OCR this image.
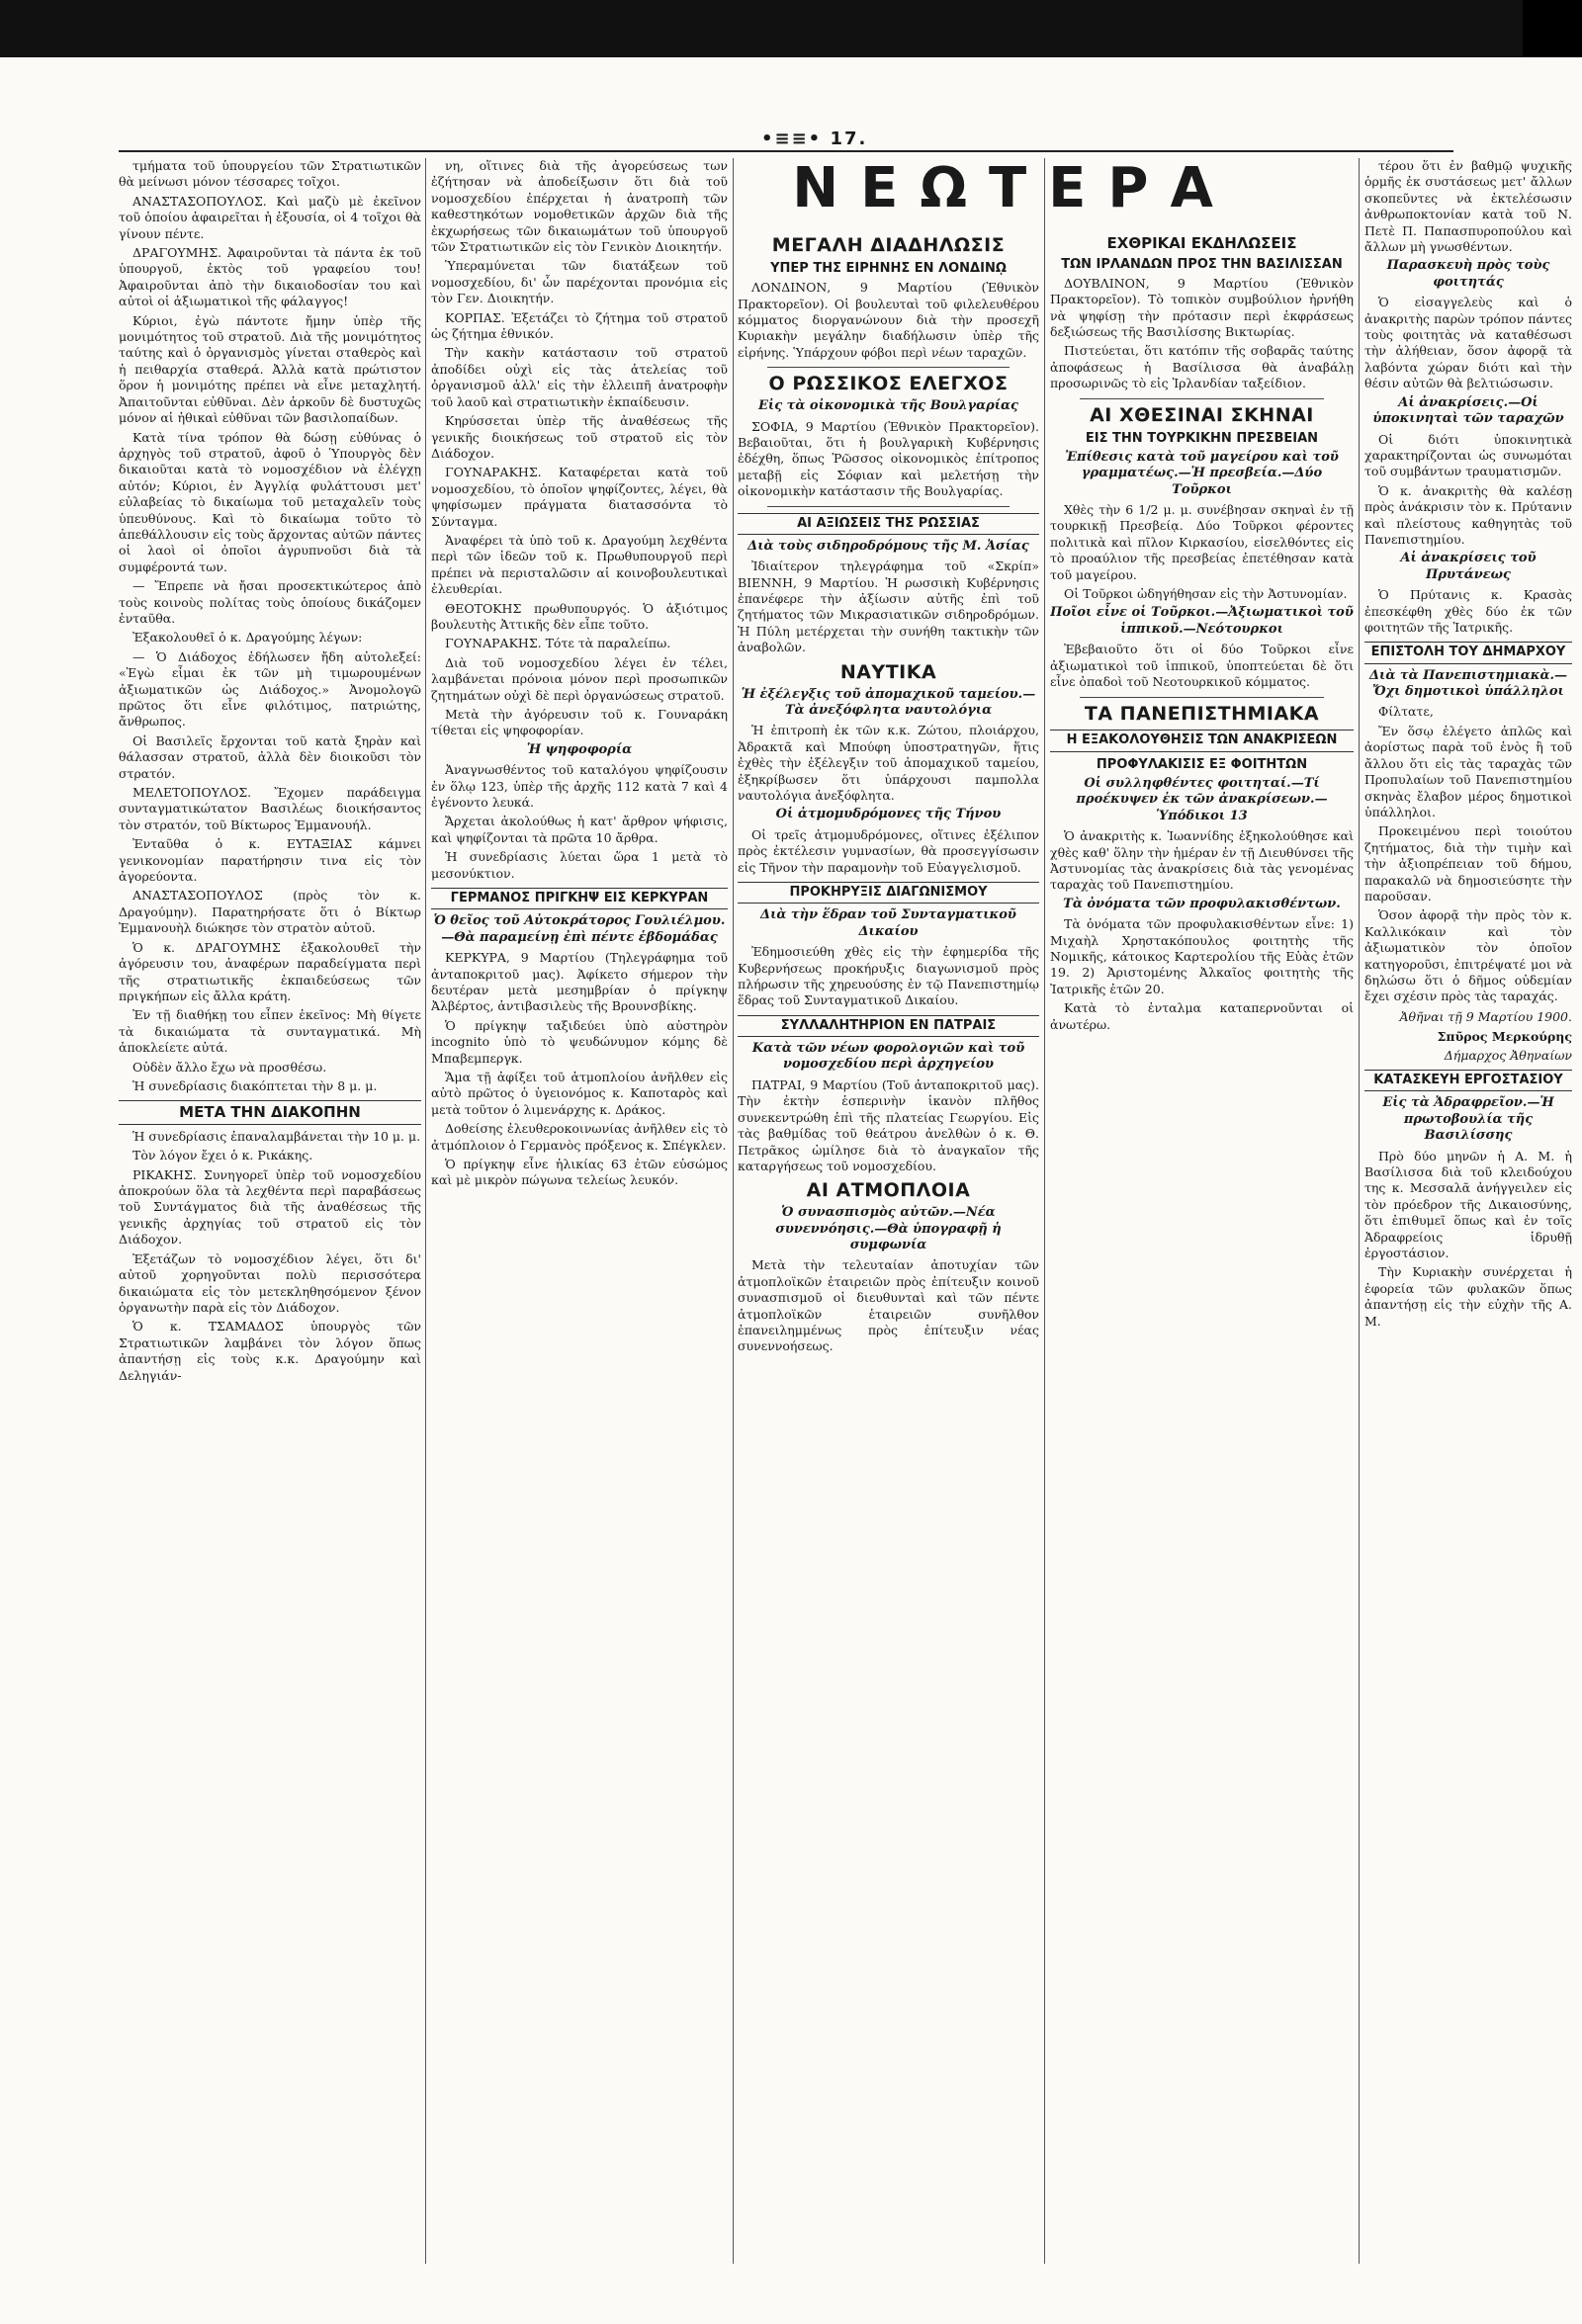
•≡≡• 17.

τμήματα τοῦ ὑπουργείου τῶν Στρατιωτικῶν θὰ μείνωσι μόνον τέσσαρες τοῖχοι.

ΑΝΑΣΤΑΣΟΠΟΥΛΟΣ. Καὶ μαζὺ μὲ ἐκεῖνον τοῦ ὁποίου ἀφαιρεῖται ἡ ἐξουσία, οἱ 4 τοῖχοι θὰ γίνουν πέντε.

ΔΡΑΓΟΥΜΗΣ. Ἀφαιροῦνται τὰ πάντα ἐκ τοῦ ὑπουργοῦ, ἐκτὸς τοῦ γραφείου του! Ἀφαιροῦνται ἀπὸ τὴν δικαιοδοσίαν του καὶ αὐτοὶ οἱ ἀξιωματικοὶ τῆς φάλαγγος!

Κύριοι, ἐγὼ πάντοτε ἤμην ὑπὲρ τῆς μονιμότητος τοῦ στρατοῦ. Διὰ τῆς μονιμότητος ταύτης καὶ ὁ ὀργανισμὸς γίνεται σταθερὸς καὶ ἡ πειθαρχία σταθερά. Ἀλλὰ κατὰ πρώτιστον ὅρον ἡ μονιμότης πρέπει νὰ εἶνε μεταχλητή. Ἀπαιτοῦνται εὐθῦναι. Δὲν ἀρκοῦν δὲ δυστυχῶς μόνον αἱ ἠθικαὶ εὐθῦναι τῶν βασιλοπαίδων.

Κατὰ τίνα τρόπον θὰ δώσῃ εὐθύνας ὁ ἀρχηγὸς τοῦ στρατοῦ, ἀφοῦ ὁ Ὑπουργὸς δὲν δικαιοῦται κατὰ τὸ νομοσχέδιον νὰ ἐλέγχῃ αὐτόν; Κύριοι, ἐν Ἀγγλίᾳ φυλάττουσι μετ' εὐλαβείας τὸ δικαίωμα τοῦ μεταχαλεῖν τοὺς ὑπευθύνους. Καὶ τὸ δικαίωμα τοῦτο τὸ ἀπεθάλλουσιν εἰς τοὺς ἄρχοντας αὐτῶν πάντες οἱ λαοὶ οἱ ὁποῖοι ἀγρυπνοῦσι διὰ τὰ συμφέροντά των.

— Ἔπρεπε νὰ ἤσαι προσεκτικώτερος ἀπὸ τοὺς κοινοὺς πολίτας τοὺς ὁποίους δικάζομεν ἐνταῦθα.

Ἐξακολουθεῖ ὁ κ. Δραγούμης λέγων:

— Ὁ Διάδοχος ἐδήλωσεν ἤδη αὐτολεξεί: «Ἐγὼ εἶμαι ἐκ τῶν μὴ τιμωρουμένων ἀξιωματικῶν ὡς Διάδοχος.» Ἀνομολογῶ πρῶτος ὅτι εἶνε φιλότιμος, πατριώτης, ἄνθρωπος.

Οἱ Βασιλεῖς ἔρχονται τοῦ κατὰ ξηρὰν καὶ θάλασσαν στρατοῦ, ἀλλὰ δὲν διοικοῦσι τὸν στρατόν.

ΜΕΛΕΤΟΠΟΥΛΟΣ. Ἔχομεν παράδειγμα συνταγματικώτατον Βασιλέως διοικήσαντος τὸν στρατόν, τοῦ Βίκτωρος Ἐμμανουήλ.

Ἐνταῦθα ὁ κ. ΕΥΤΑΞΙΑΣ κάμνει γενικονομίαν παρατήρησιν τινα εἰς τὸν ἀγορεύοντα.

ΑΝΑΣΤΑΣΟΠΟΥΛΟΣ (πρὸς τὸν κ. Δραγούμην). Παρατηρήσατε ὅτι ὁ Βίκτωρ Ἐμμανουὴλ διώκησε τὸν στρατὸν αὐτοῦ.

Ὁ κ. ΔΡΑΓΟΥΜΗΣ ἐξακολουθεῖ τὴν ἀγόρευσιν του, ἀναφέρων παραδείγματα περὶ τῆς στρατιωτικῆς ἐκπαιδεύσεως τῶν πριγκήπων εἰς ἄλλα κράτη.

Ἐν τῇ διαθήκῃ του εἶπεν ἐκεῖνος: Μὴ θίγετε τὰ δικαιώματα τὰ συνταγματικά. Μὴ ἀποκλείετε αὐτά.

Οὐδὲν ἄλλο ἔχω νὰ προσθέσω.

Ἡ συνεδρίασις διακόπτεται τὴν 8 μ. μ.

ΜΕΤΑ ΤΗΝ ΔΙΑΚΟΠΗΝ

Ἡ συνεδρίασις ἐπαναλαμβάνεται τὴν 10 μ. μ.

Τὸν λόγον ἔχει ὁ κ. Ρικάκης.

ΡΙΚΑΚΗΣ. Συνηγορεῖ ὑπὲρ τοῦ νομοσχεδίου ἀποκρούων ὅλα τὰ λεχθέντα περὶ παραβάσεως τοῦ Συντάγματος διὰ τῆς ἀναθέσεως τῆς γενικῆς ἀρχηγίας τοῦ στρατοῦ εἰς τὸν Διάδοχον.

Ἐξετάζων τὸ νομοσχέδιον λέγει, ὅτι δι' αὐτοῦ χορηγοῦνται πολὺ περισσότερα δικαιώματα εἰς τὸν μετεκληθησόμενον ξένον ὀργανωτὴν παρὰ εἰς τὸν Διάδοχον.

Ὁ κ. ΤΣΑΜΑΔΟΣ ὑπουργὸς τῶν Στρατιωτικῶν λαμβάνει τὸν λόγον ὅπως ἀπαντήσῃ εἰς τοὺς κ.κ. Δραγούμην καὶ Δεληγιάν-

νη, οἵτινες διὰ τῆς ἀγορεύσεως των ἐζήτησαν νὰ ἀποδείξωσιν ὅτι διὰ τοῦ νομοσχεδίου ἐπέρχεται ἡ ἀνατροπὴ τῶν καθεστηκότων νομοθετικῶν ἀρχῶν διὰ τῆς ἐκχωρήσεως τῶν δικαιωμάτων τοῦ ὑπουργοῦ τῶν Στρατιωτικῶν εἰς τὸν Γενικὸν Διοικητήν.

Ὑπεραμύνεται τῶν διατάξεων τοῦ νομοσχεδίου, δι' ὧν παρέχονται προνόμια εἰς τὸν Γεν. Διοικητήν.

ΚΟΡΠΑΣ. Ἐξετάζει τὸ ζήτημα τοῦ στρατοῦ ὡς ζήτημα ἐθνικόν.

Τὴν κακὴν κατάστασιν τοῦ στρατοῦ ἀποδίδει οὐχὶ εἰς τὰς ἀτελείας τοῦ ὀργανισμοῦ ἀλλ' εἰς τὴν ἐλλειπῆ ἀνατροφὴν τοῦ λαοῦ καὶ στρατιωτικὴν ἐκπαίδευσιν.

Κηρύσσεται ὑπὲρ τῆς ἀναθέσεως τῆς γενικῆς διοικήσεως τοῦ στρατοῦ εἰς τὸν Διάδοχον.

ΓΟΥΝΑΡΑΚΗΣ. Καταφέρεται κατὰ τοῦ νομοσχεδίου, τὸ ὁποῖον ψηφίζοντες, λέγει, θὰ ψηφίσωμεν πράγματα διατασσόντα τὸ Σύνταγμα.

Ἀναφέρει τὰ ὑπὸ τοῦ κ. Δραγούμη λεχθέντα περὶ τῶν ἰδεῶν τοῦ κ. Πρωθυπουργοῦ περὶ πρέπει νὰ περισταλῶσιν αἱ κοινοβουλευτικαὶ ἐλευθερίαι.

ΘΕΟΤΟΚΗΣ πρωθυπουργός. Ὁ ἀξιότιμος βουλευτὴς Ἀττικῆς δὲν εἶπε τοῦτο.

ΓΟΥΝΑΡΑΚΗΣ. Τότε τὰ παραλείπω.

Διὰ τοῦ νομοσχεδίου λέγει ἐν τέλει, λαμβάνεται πρόνοια μόνον περὶ προσωπικῶν ζητημάτων οὐχὶ δὲ περὶ ὀργανώσεως στρατοῦ.

Μετὰ τὴν ἀγόρευσιν τοῦ κ. Γουναράκη τίθεται εἰς ψηφοφορίαν.

Ἡ ψηφοφορία

Ἀναγνωσθέντος τοῦ καταλόγου ψηφίζουσιν ἐν ὅλῳ 123, ὑπὲρ τῆς ἀρχῆς 112 κατὰ 7 καὶ 4 ἐγένοντο λευκά.

Ἄρχεται ἀκολούθως ἡ κατ' ἄρθρον ψήφισις, καὶ ψηφίζονται τὰ πρῶτα 10 ἄρθρα.

Ἡ συνεδρίασις λύεται ὥρα 1 μετὰ τὸ μεσονύκτιον.

ΓΕΡΜΑΝΟΣ ΠΡΙΓΚΗΨ ΕΙΣ ΚΕΡΚΥΡΑΝ
Ὁ θεῖος τοῦ Αὐτοκράτορος Γουλιέλμου.—Θὰ παραμείνῃ ἐπὶ πέντε ἑβδομάδας

ΚΕΡΚΥΡΑ, 9 Μαρτίου (Τηλεγράφημα τοῦ ἀνταποκριτοῦ μας). Ἀφίκετο σήμερον τὴν δευτέραν μετὰ μεσημβρίαν ὁ πρίγκηψ Ἀλβέρτος, ἀντιβασιλεὺς τῆς Βρουνσβίκης.

Ὁ πρίγκηψ ταξιδεύει ὑπὸ αὐστηρὸν incognito ὑπὸ τὸ ψευδώνυμον κόμης δὲ Μπαβεμπεργκ.

Ἅμα τῇ ἀφίξει τοῦ ἀτμοπλοίου ἀνῆλθεν εἰς αὐτὸ πρῶτος ὁ ὑγειονόμος κ. Καποταρὸς καὶ μετὰ τοῦτον ὁ λιμενάρχης κ. Δράκος.

Δοθείσης ἐλευθεροκοινωνίας ἀνῆλθεν εἰς τὸ ἀτμόπλοιον ὁ Γερμανὸς πρόξενος κ. Σπέγκλεν.

Ὁ πρίγκηψ εἶνε ἡλικίας 63 ἐτῶν εὐσώμος καὶ μὲ μικρὸν πώγωνα τελείως λευκόν.

ΝΕΩΤΕΡΑ
ΜΕΓΑΛΗ ΔΙΑΔΗΛΩΣΙΣ
ΥΠΕΡ ΤΗΣ ΕΙΡΗΝΗΣ ΕΝ ΛΟΝΔΙΝῼ

ΛΟΝΔΙΝΟΝ, 9 Μαρτίου (Ἐθνικὸν Πρακτορεῖον). Οἱ βουλευταὶ τοῦ φιλελευθέρου κόμματος διοργανώνουν διὰ τὴν προσεχῆ Κυριακὴν μεγάλην διαδήλωσιν ὑπὲρ τῆς εἰρήνης. Ὑπάρχουν φόβοι περὶ νέων ταραχῶν.

Ο ΡΩΣΣΙΚΟΣ ΕΛΕΓΧΟΣ
Εἰς τὰ οἰκονομικὰ τῆς Βουλγαρίας

ΣΟΦΙΑ, 9 Μαρτίου (Ἐθνικὸν Πρακτορεῖον). Βεβαιοῦται, ὅτι ἡ βουλγαρικὴ Κυβέρνησις ἐδέχθη, ὅπως Ῥῶσσος οἰκονομικὸς ἐπίτροπος μεταβῇ εἰς Σόφιαν καὶ μελετήσῃ τὴν οἰκονομικὴν κατάστασιν τῆς Βουλγαρίας.

ΑΙ ΑΞΙΩΣΕΙΣ ΤΗΣ ΡΩΣΣΙΑΣ
Διὰ τοὺς σιδηροδρόμους τῆς Μ. Ἀσίας

Ἰδιαίτερον τηλεγράφημα τοῦ «Σκρίπ» ΒΙΕΝΝΗ, 9 Μαρτίου. Ἡ ρωσσικὴ Κυβέρνησις ἐπανέφερε τὴν ἀξίωσιν αὐτῆς ἐπὶ τοῦ ζητήματος τῶν Μικρασιατικῶν σιδηροδρόμων. Ἡ Πύλη μετέρχεται τὴν συνήθη τακτικὴν τῶν ἀναβολῶν.

ΝΑΥΤΙΚΑ
Ἡ ἐξέλεγξις τοῦ ἀπομαχικοῦ ταμείου.—Τὰ ἀνεξόφλητα ναυτολόγια

Ἡ ἐπιτροπὴ ἐκ τῶν κ.κ. Ζώτου, πλοιάρχου, Ἀδρακτᾶ καὶ Μπούφη ὑποστρατηγῶν, ἥτις ἐχθὲς τὴν ἐξέλεγξιν τοῦ ἀπομαχικοῦ ταμείου, ἐξηκρίβωσεν ὅτι ὑπάρχουσι παμπολλα ναυτολόγια ἀνεξόφλητα.

Οἱ ἀτμομυδρόμονες τῆς Τήνου

Οἱ τρεῖς ἀτμομυδρόμονες, οἵτινες ἐξέλιπον πρὸς ἐκτέλεσιν γυμνασίων, θὰ προσεγγίσωσιν εἰς Τῆνον τὴν παραμονὴν τοῦ Εὐαγγελισμοῦ.

ΠΡΟΚΗΡΥΞΙΣ ΔΙΑΓΩΝΙΣΜΟΥ
Διὰ τὴν ἕδραν τοῦ Συνταγματικοῦ Δικαίου

Ἐδημοσιεύθη χθὲς εἰς τὴν ἐφημερίδα τῆς Κυβερνήσεως προκήρυξις διαγωνισμοῦ πρὸς πλήρωσιν τῆς χηρευούσης ἐν τῷ Πανεπιστημίῳ ἕδρας τοῦ Συνταγματικοῦ Δικαίου.

ΣΥΛΛΑΛΗΤΗΡΙΟΝ ΕΝ ΠΑΤΡΑΙΣ
Κατὰ τῶν νέων φορολογιῶν καὶ τοῦ νομοσχεδίου περὶ ἀρχηγείου

ΠΑΤΡΑΙ, 9 Μαρτίου (Τοῦ ἀνταποκριτοῦ μας). Τὴν ἐκτὴν ἑσπερινὴν ἱκανὸν πλῆθος συνεκεντρώθη ἐπὶ τῆς πλατείας Γεωργίου. Εἰς τὰς βαθμίδας τοῦ θεάτρου ἀνελθὼν ὁ κ. Θ. Πετρᾶκος ὡμίλησε διὰ τὸ ἀναγκαῖον τῆς καταργήσεως τοῦ νομοσχεδίου.

ΑΙ ΑΤΜΟΠΛΟΙΑ
Ὁ συνασπισμὸς αὐτῶν.—Νέα συνεννόησις.—Θὰ ὑπογραφῇ ἡ συμφωνία

Μετὰ τὴν τελευταίαν ἀποτυχίαν τῶν ἀτμοπλοϊκῶν ἑταιρειῶν πρὸς ἐπίτευξιν κοινοῦ συνασπισμοῦ οἱ διευθυνταὶ καὶ τῶν πέντε ἀτμοπλοϊκῶν ἑταιρειῶν συνῆλθον ἐπανειλημμένως πρὸς ἐπίτευξιν νέας συνεννοήσεως.

ΕΧΘΡΙΚΑΙ ΕΚΔΗΛΩΣΕΙΣ
ΤΩΝ ΙΡΛΑΝΔΩΝ ΠΡΟΣ ΤΗΝ ΒΑΣΙΛΙΣΣΑΝ

ΔΟΥΒΛΙΝΟΝ, 9 Μαρτίου (Ἐθνικὸν Πρακτορεῖον). Τὸ τοπικὸν συμβούλιον ἠρνήθη νὰ ψηφίσῃ τὴν πρότασιν περὶ ἐκφράσεως δεξιώσεως τῆς Βασιλίσσης Βικτωρίας.

Πιστεύεται, ὅτι κατόπιν τῆς σοβαρᾶς ταύτης ἀποφάσεως ἡ Βασίλισσα θὰ ἀναβάλῃ προσωρινῶς τὸ εἰς Ἰρλανδίαν ταξείδιον.

ΑΙ ΧΘΕΣΙΝΑΙ ΣΚΗΝΑΙ
ΕΙΣ ΤΗΝ ΤΟΥΡΚΙΚΗΝ ΠΡΕΣΒΕΙΑΝ
Ἐπίθεσις κατὰ τοῦ μαγείρου καὶ τοῦ γραμματέως.—Ἡ πρεσβεία.—Δύο Τοῦρκοι

Χθὲς τὴν 6 1/2 μ. μ. συνέβησαν σκηναὶ ἐν τῇ τουρκικῇ Πρεσβείᾳ. Δύο Τοῦρκοι φέροντες πολιτικὰ καὶ πῖλον Κιρκασίου, εἰσελθόντες εἰς τὸ προαύλιον τῆς πρεσβείας ἐπετέθησαν κατὰ τοῦ μαγείρου.

Οἱ Τοῦρκοι ὡδηγήθησαν εἰς τὴν Ἀστυνομίαν.

Ποῖοι εἶνε οἱ Τοῦρκοι.—Ἀξιωματικοὶ τοῦ ἱππικοῦ.—Νεότουρκοι

Ἐβεβαιοῦτο ὅτι οἱ δύο Τοῦρκοι εἶνε ἀξιωματικοὶ τοῦ ἱππικοῦ, ὑποπτεύεται δὲ ὅτι εἶνε ὀπαδοὶ τοῦ Νεοτουρκικοῦ κόμματος.

ΤΑ ΠΑΝΕΠΙΣΤΗΜΙΑΚΑ
Η ΕΞΑΚΟΛΟΥΘΗΣΙΣ ΤΩΝ ΑΝΑΚΡΙΣΕΩΝ
ΠΡΟΦΥΛΑΚΙΣΙΣ ΕΞ ΦΟΙΤΗΤΩΝ
Οἱ συλληφθέντες φοιτηταί.—Τί προέκυψεν ἐκ τῶν ἀνακρίσεων.—Ὑπόδικοι 13

Ὁ ἀνακριτὴς κ. Ἰωαννίδης ἐξηκολούθησε καὶ χθὲς καθ' ὅλην τὴν ἡμέραν ἐν τῇ Διευθύνσει τῆς Ἀστυνομίας τὰς ἀνακρίσεις διὰ τὰς γενομένας ταραχὰς τοῦ Πανεπιστημίου.

Τὰ ὀνόματα τῶν προφυλακισθέντων.

Τὰ ὀνόματα τῶν προφυλακισθέντων εἶνε: 1) Μιχαὴλ Χρηστακόπουλος φοιτητὴς τῆς Νομικῆς, κάτοικος Καρτερολίου τῆς Εὐὰς ἐτῶν 19. 2) Ἀριστομένης Ἀλκαῖος φοιτητὴς τῆς Ἰατρικῆς ἐτῶν 20.

Κατὰ τὸ ἐνταλμα καταπερνοῦνται οἱ ἀνωτέρω.

τέρου ὅτι ἐν βαθμῷ ψυχικῆς ὁρμῆς ἐκ συστάσεως μετ' ἄλλων σκοπεῦντες νὰ ἐκτελέσωσιν ἀνθρωποκτονίαν κατὰ τοῦ Ν. Πετὲ Π. Παπασπυροπούλου καὶ ἄλλων μὴ γνωσθέντων.

Παρασκευὴ πρὸς τοὺς φοιτητάς

Ὁ εἰσαγγελεὺς καὶ ὁ ἀνακριτὴς παρὼν τρόπον πάντες τοὺς φοιτητὰς νὰ καταθέσωσι τὴν ἀλήθειαν, ὅσον ἀφορᾷ τὰ λαβόντα χώραν διότι καὶ τὴν θέσιν αὐτῶν θὰ βελτιώσωσιν.

Αἱ ἀνακρίσεις.—Οἱ ὑποκινηταὶ τῶν ταραχῶν

Οἱ διότι ὑποκινητικὰ χαρακτηρίζονται ὡς συνωμόται τοῦ συμβάντων τραυματισμῶν.

Ὁ κ. ἀνακριτὴς θὰ καλέσῃ πρὸς ἀνάκρισιν τὸν κ. Πρύτανιν καὶ πλείστους καθηγητὰς τοῦ Πανεπιστημίου.

Αἱ ἀνακρίσεις τοῦ Πρυτάνεως

Ὁ Πρύτανις κ. Κρασὰς ἐπεσκέφθη χθὲς δύο ἐκ τῶν φοιτητῶν τῆς Ἰατρικῆς.

ΕΠΙΣΤΟΛΗ ΤΟΥ ΔΗΜΑΡΧΟΥ
Διὰ τὰ Πανεπιστημιακὰ.—Ὄχι δημοτικοὶ ὑπάλληλοι

Φίλτατε,

Ἔν ὅσῳ ἐλέγετο ἁπλῶς καὶ ἀορίστως παρὰ τοῦ ἑνὸς ἢ τοῦ ἄλλου ὅτι εἰς τὰς ταραχὰς τῶν Προπυλαίων τοῦ Πανεπιστημίου σκηνὰς ἔλαβον μέρος δημοτικοὶ ὑπάλληλοι.

Προκειμένου περὶ τοιούτου ζητήματος, διὰ τὴν τιμὴν καὶ τὴν ἀξιοπρέπειαν τοῦ δήμου, παρακαλῶ νὰ δημοσιεύσητε τὴν παροῦσαν.

Ὁσον ἀφορᾷ τὴν πρὸς τὸν κ. Καλλικόκαιν καὶ τὸν ἀξιωματικὸν τὸν ὁποῖον κατηγοροῦσι, ἐπιτρέψατέ μοι νὰ δηλώσω ὅτι ὁ δῆμος οὐδεμίαν ἔχει σχέσιν πρὸς τὰς ταραχάς.

Ἀθῆναι τῇ 9 Μαρτίου 1900.
Σπῦρος Μερκούρης
Δήμαρχος Ἀθηναίων
ΚΑΤΑΣΚΕΥΗ ΕΡΓΟΣΤΑΣΙΟΥ
Εἰς τὰ Ἀδραφρεῖον.—Ἡ πρωτοβουλία τῆς Βασιλίσσης

Πρὸ δύο μηνῶν ἡ Α. Μ. ἡ Βασίλισσα διὰ τοῦ κλειδούχου της κ. Μεσσαλᾶ ἀνήγγειλεν εἰς τὸν πρόεδρον τῆς Δικαιοσύνης, ὅτι ἐπιθυμεῖ ὅπως καὶ ἐν τοῖς Ἀδραφρείοις ἱδρυθῇ ἐργοστάσιον.

Τὴν Κυριακὴν συνέρχεται ἡ ἐφορεία τῶν φυλακῶν ὅπως ἀπαντήσῃ εἰς τὴν εὐχὴν τῆς Α. Μ.
